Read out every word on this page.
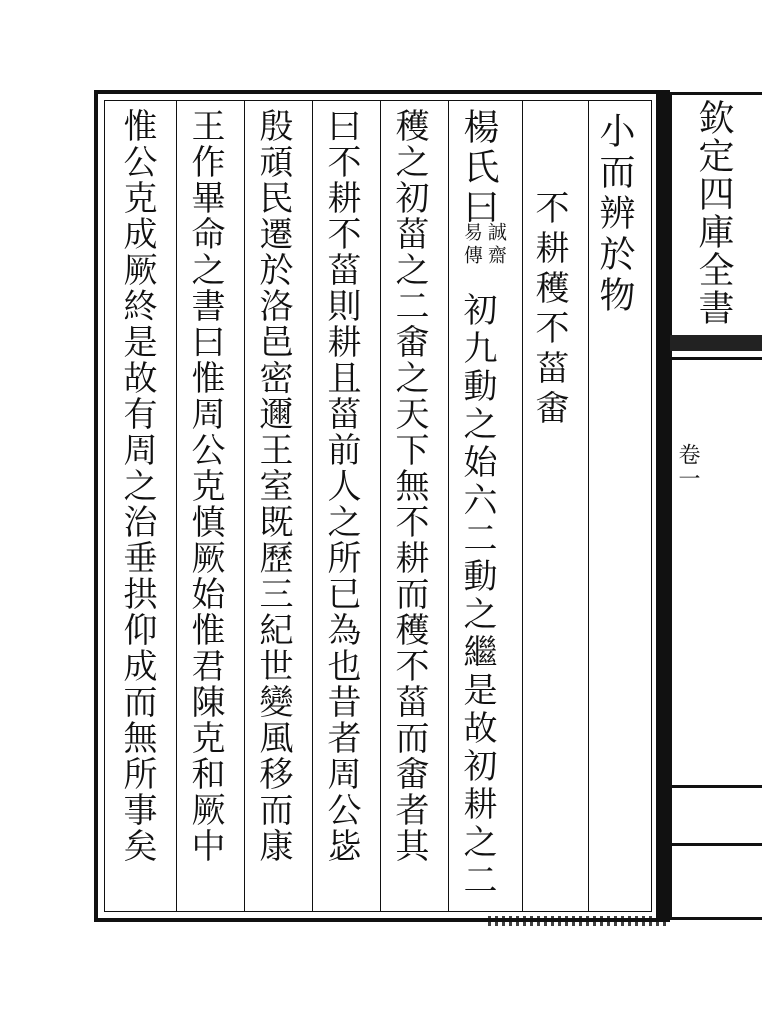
小而辨於物
不耕穫不菑畬
楊氏曰
誠齋
易傳
初九動之始六二動之繼是故初耕之二
穫之初菑之二畬之天下無不耕而穫不菑而畬者其
曰不耕不菑則耕且菑前人之所已為也昔者周公毖
殷頑民遷於洛邑密邇王室既歷三紀世變風移而康
王作畢命之書曰惟周公克慎厥始惟君陳克和厥中
惟公克成厥終是故有周之治垂拱仰成而無所事矣	欽定四庫全書
卷一
